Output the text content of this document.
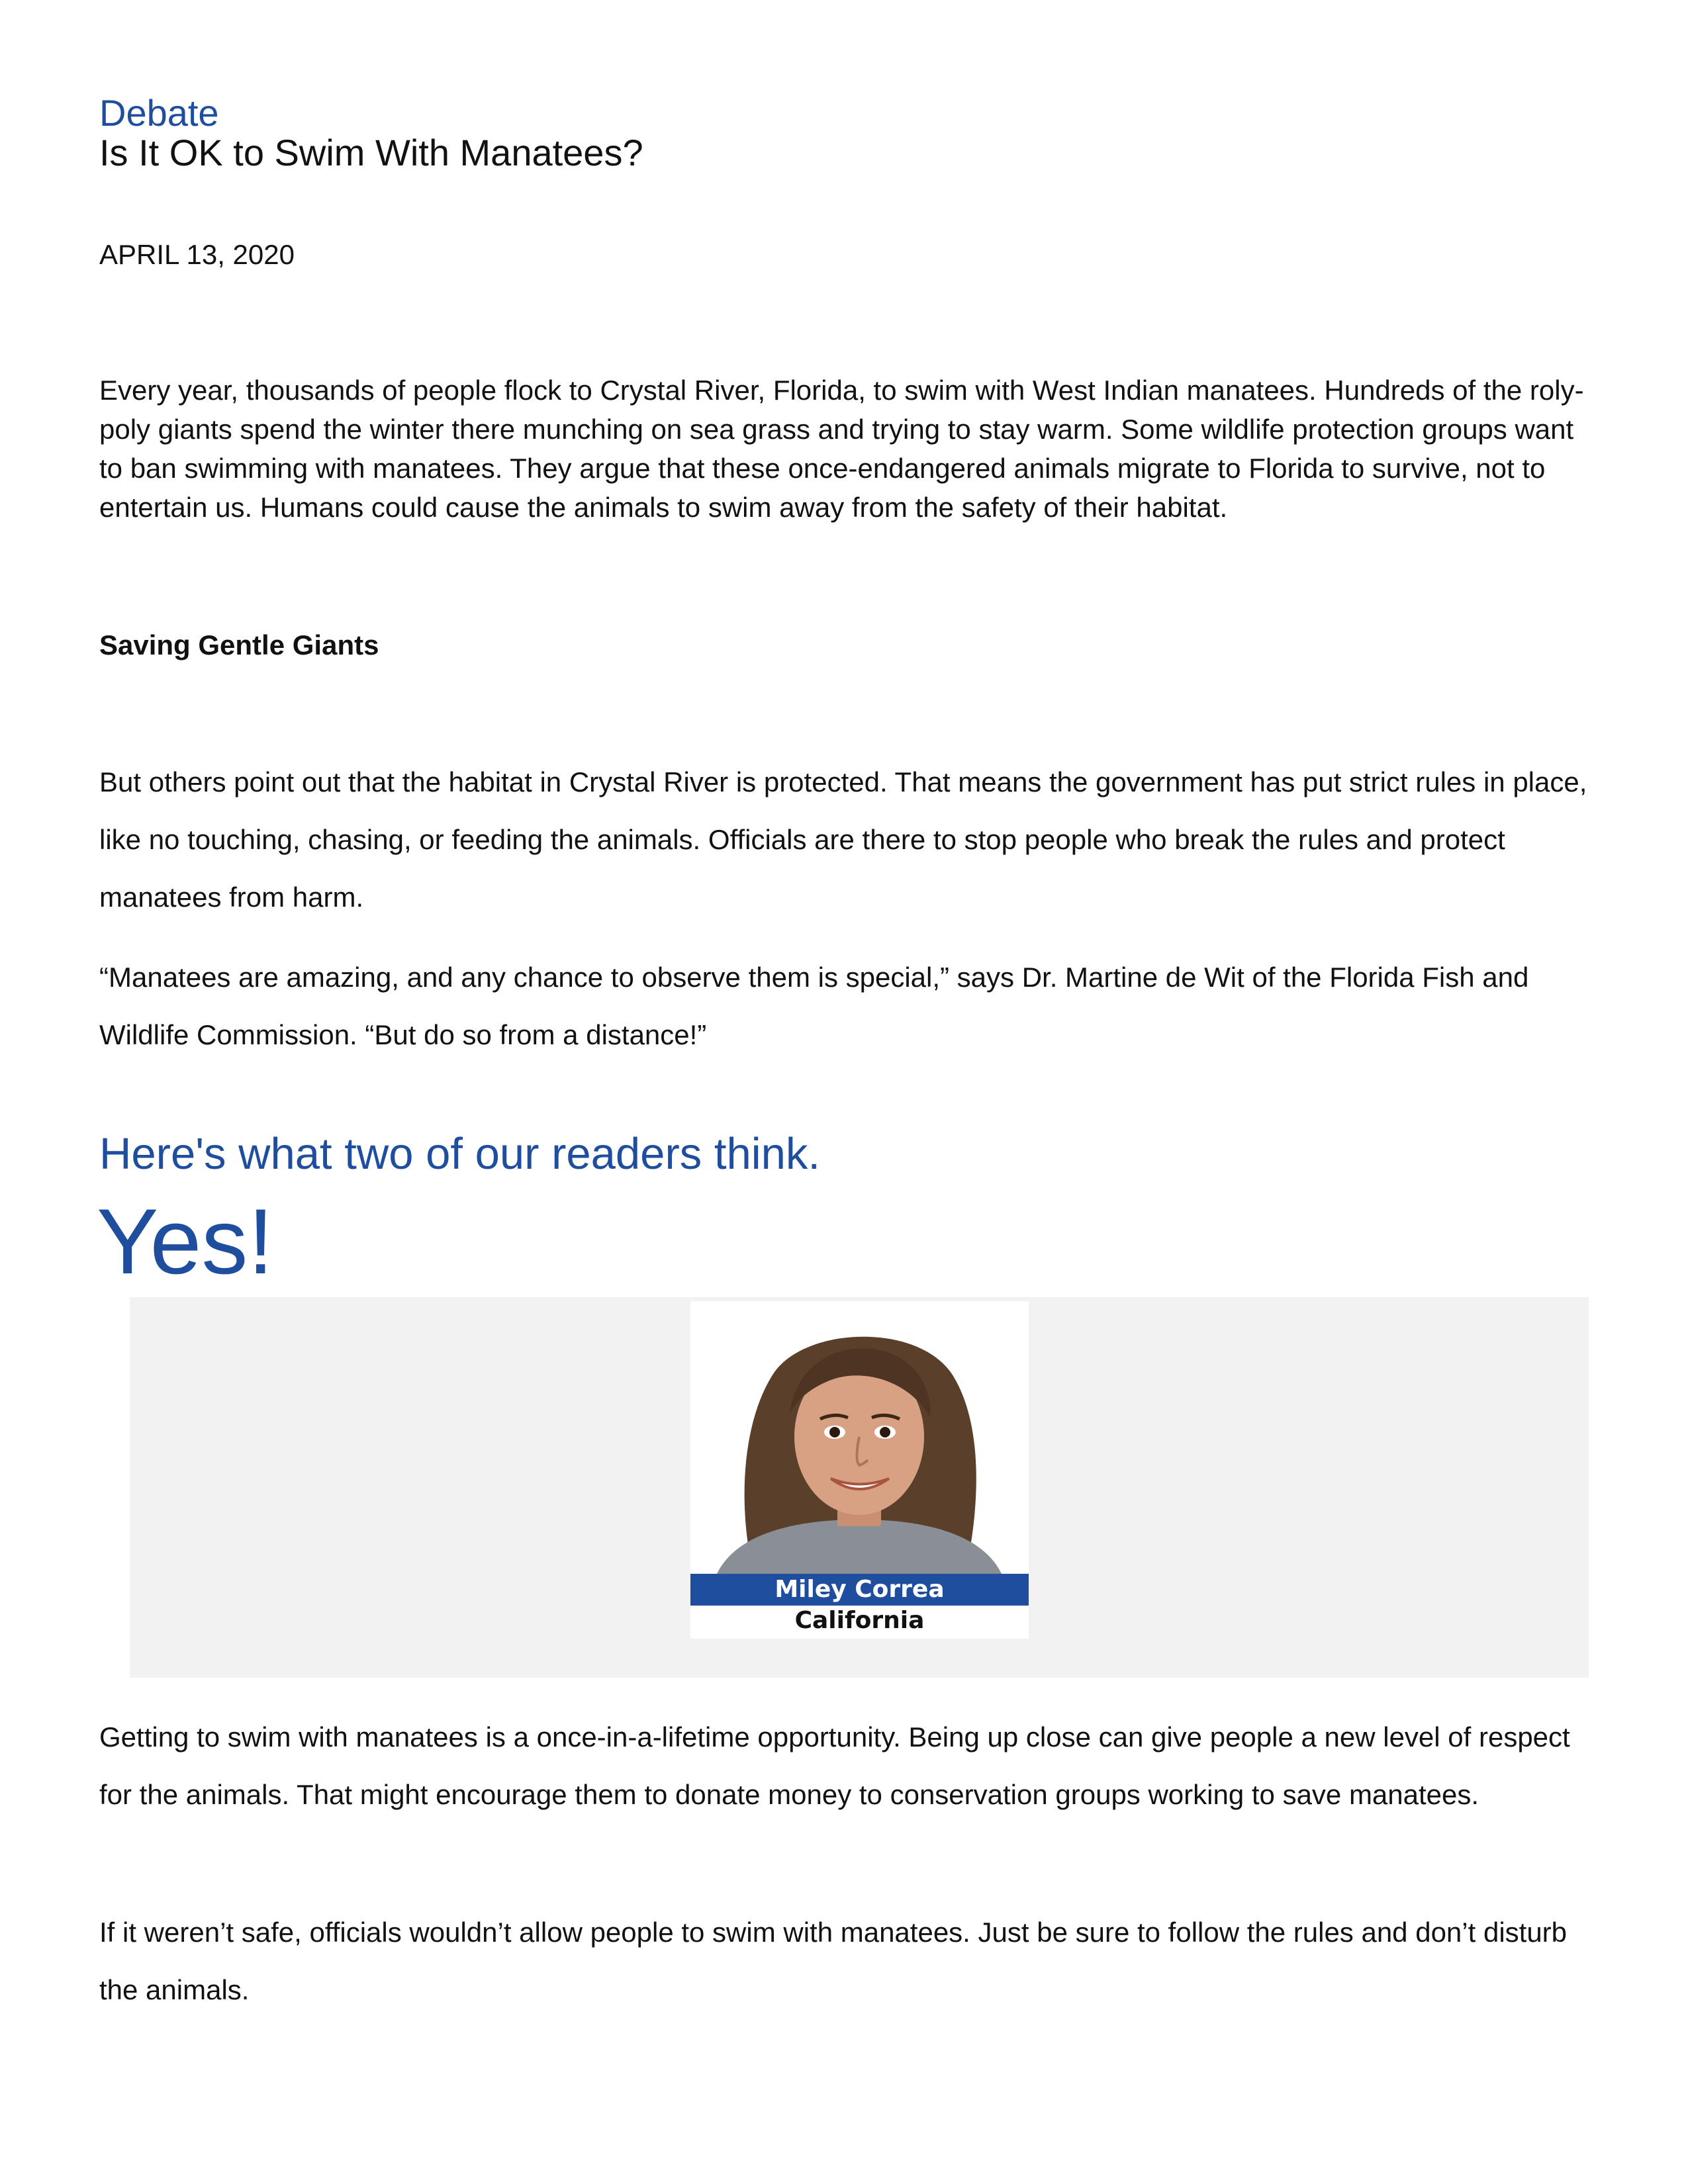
Debate
Is It OK to Swim With Manatees?
APRIL 13, 2020

Every year, thousands of people flock to Crystal River, Florida, to swim with West Indian manatees. Hundreds of the roly-poly giants spend the winter there munching on sea grass and trying to stay warm. Some wildlife protection groups want to ban swimming with manatees. They argue that these once-endangered animals migrate to Florida to survive, not to entertain us. Humans could cause the animals to swim away from the safety of their habitat.

Saving Gentle Giants

But others point out that the habitat in Crystal River is protected. That means the government has put strict rules in place, like no touching, chasing, or feeding the animals. Officials are there to stop people who break the rules and protect manatees from harm.

“Manatees are amazing, and any chance to observe them is special,” says Dr. Martine de Wit of the Florida Fish and Wildlife Commission. “But do so from a distance!”

Here's what two of our readers think.
Yes!
Miley Correa
California

Getting to swim with manatees is a once-in-a-lifetime opportunity. Being up close can give people a new level of respect for the animals. That might encourage them to donate money to conservation groups working to save manatees.

If it weren’t safe, officials wouldn’t allow people to swim with manatees. Just be sure to follow the rules and don’t disturb the animals.
